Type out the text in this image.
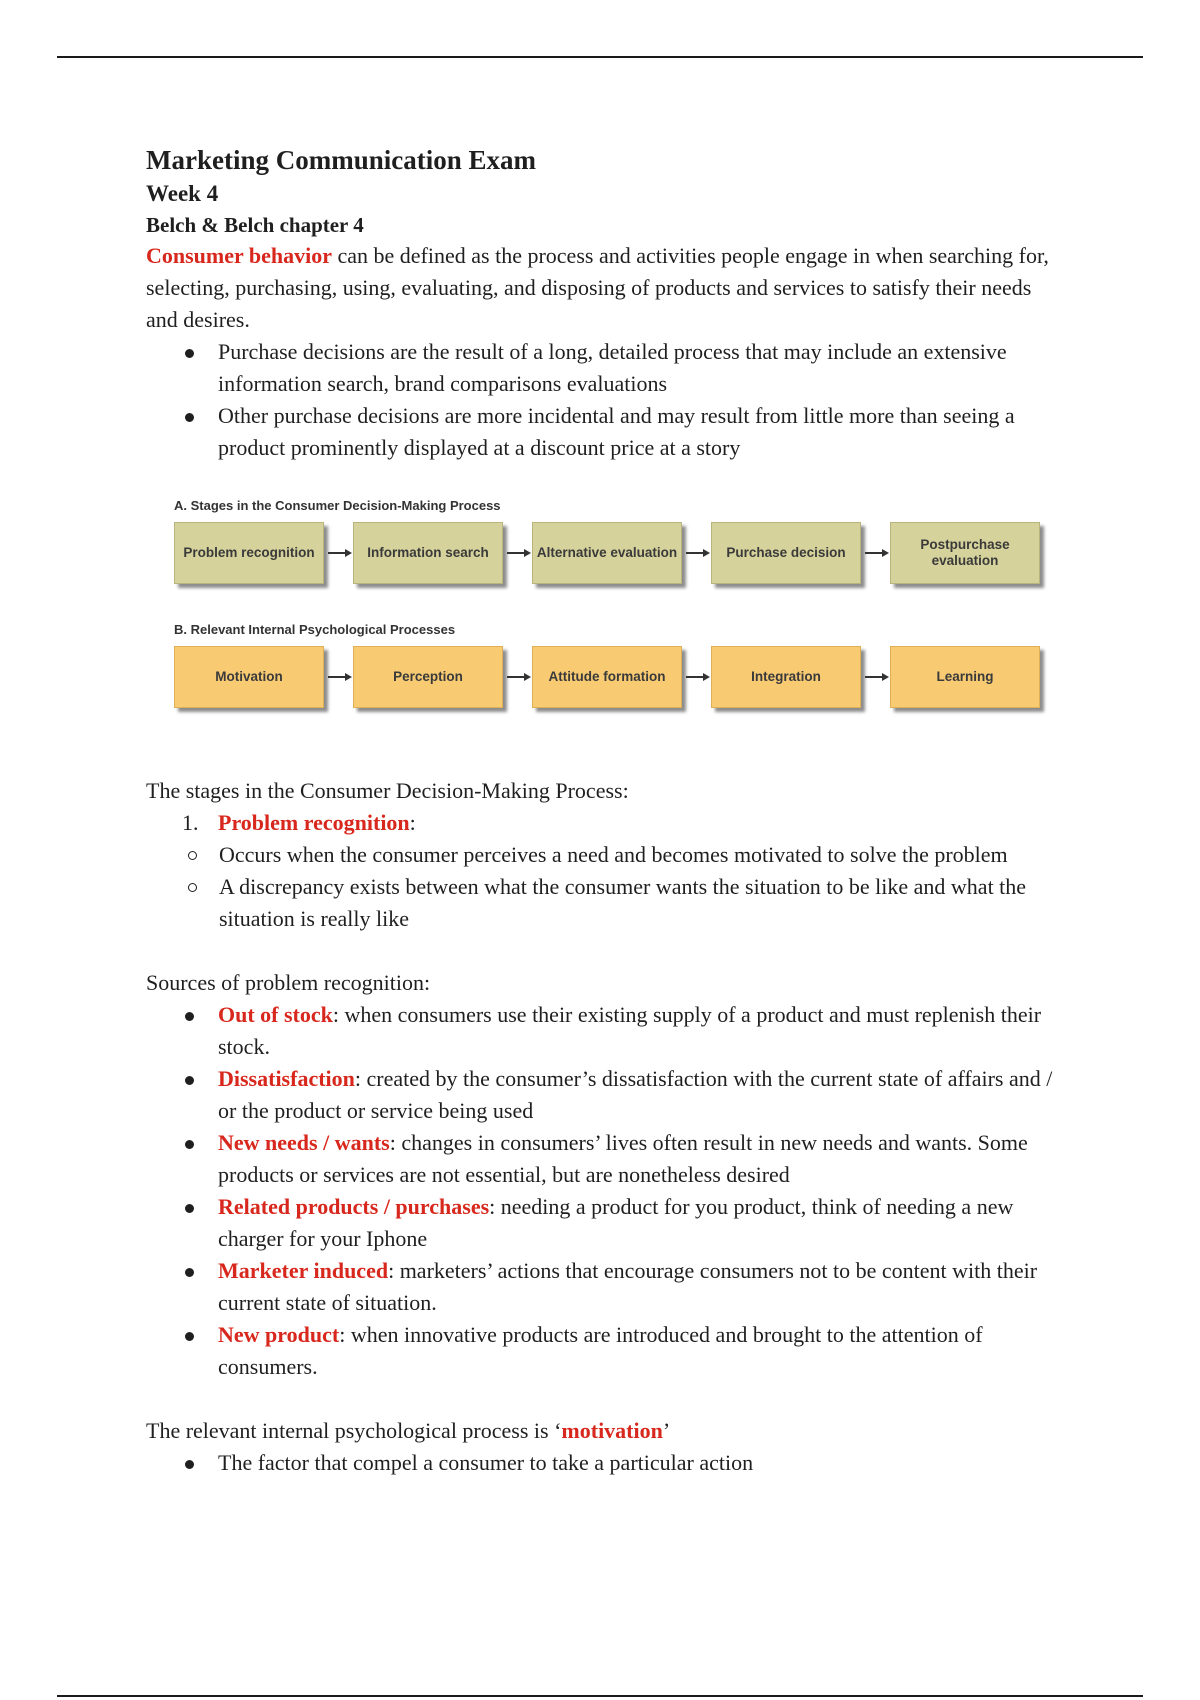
Marketing Communication Exam
Week 4
Belch & Belch chapter 4

Consumer behavior can be defined as the process and activities people engage in when searching for, selecting, purchasing, using, evaluating, and disposing of products and services to satisfy their needs and desires.

Purchase decisions are the result of a long, detailed process that may include an extensive information search, brand comparisons evaluations
Other purchase decisions are more incidental and may result from little more than seeing a product prominently displayed at a discount price at a story
A. Stages in the Consumer Decision-Making Process
Problem recognition	Information search	Alternative evaluation	Purchase decision
Postpurchase evaluation
B. Relevant Internal Psychological Processes
Motivation	Perception	Attitude formation	Integration	Learning

The stages in the Consumer Decision-Making Process:

1. Problem recognition:
Occurs when the consumer perceives a need and becomes motivated to solve the problem
A discrepancy exists between what the consumer wants the situation to be like and what the situation is really like

Sources of problem recognition:

Out of stock: when consumers use their existing supply of a product and must replenish their stock.
Dissatisfaction: created by the consumer’s dissatisfaction with the current state of affairs and / or the product or service being used
New needs / wants: changes in consumers’ lives often result in new needs and wants. Some products or services are not essential, but are nonetheless desired
Related products / purchases: needing a product for you product, think of needing a new charger for your Iphone
Marketer induced: marketers’ actions that encourage consumers not to be content with their current state of situation.
New product: when innovative products are introduced and brought to the attention of consumers.

The relevant internal psychological process is ‘motivation’

The factor that compel a consumer to take a particular action
